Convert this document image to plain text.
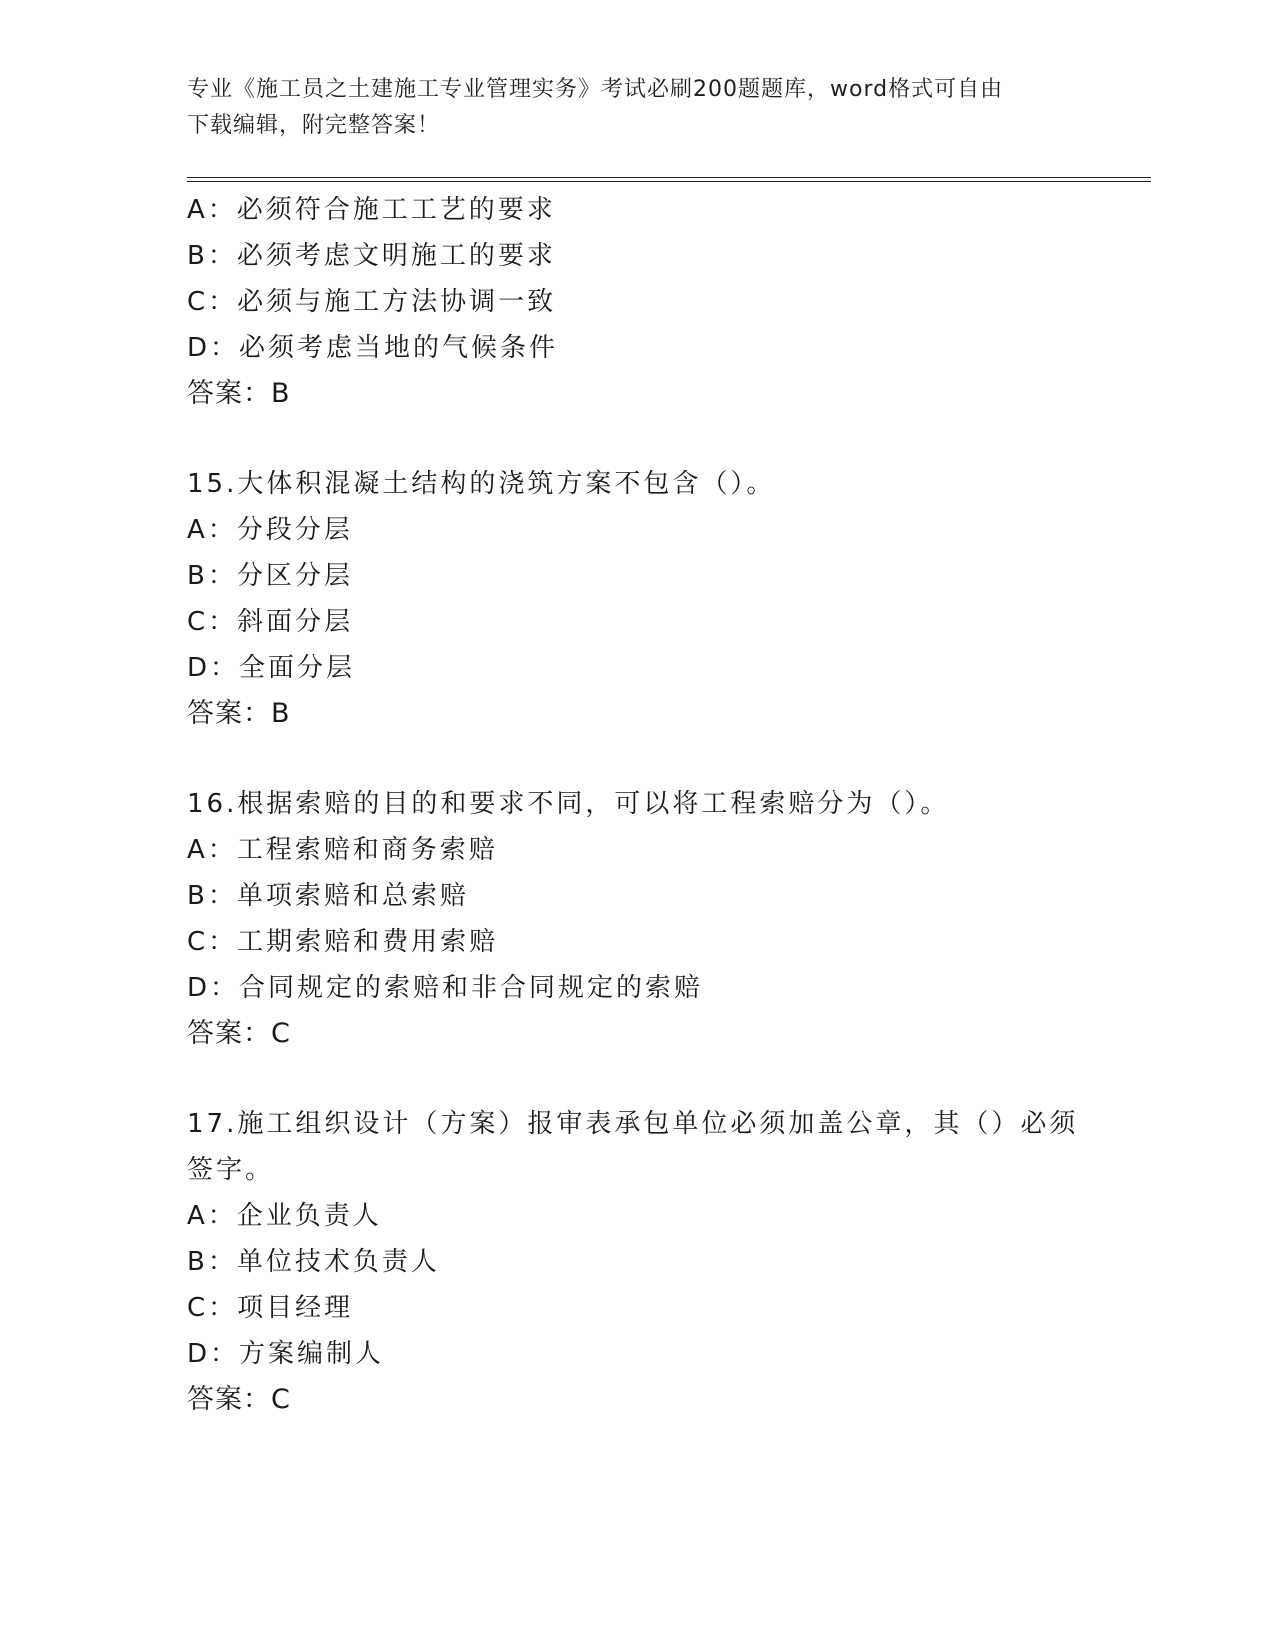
专业《施工员之土建施工专业管理实务》考试必刷200题题库，word格式可自由
下载编辑，附完整答案！
A：必须符合施工工艺的要求
B：必须考虑文明施工的要求
C：必须与施工方法协调一致
D：必须考虑当地的气候条件
答案：B
15.大体积混凝土结构的浇筑方案不包含（）。
A：分段分层
B：分区分层
C：斜面分层
D：全面分层
答案：B
16.根据索赔的目的和要求不同，可以将工程索赔分为（）。
A：工程索赔和商务索赔
B：单项索赔和总索赔
C：工期索赔和费用索赔
D：合同规定的索赔和非合同规定的索赔
答案：C
17.施工组织设计（方案）报审表承包单位必须加盖公章，其（）必须
签字。
A：企业负责人
B：单位技术负责人
C：项目经理
D：方案编制人
答案：C
